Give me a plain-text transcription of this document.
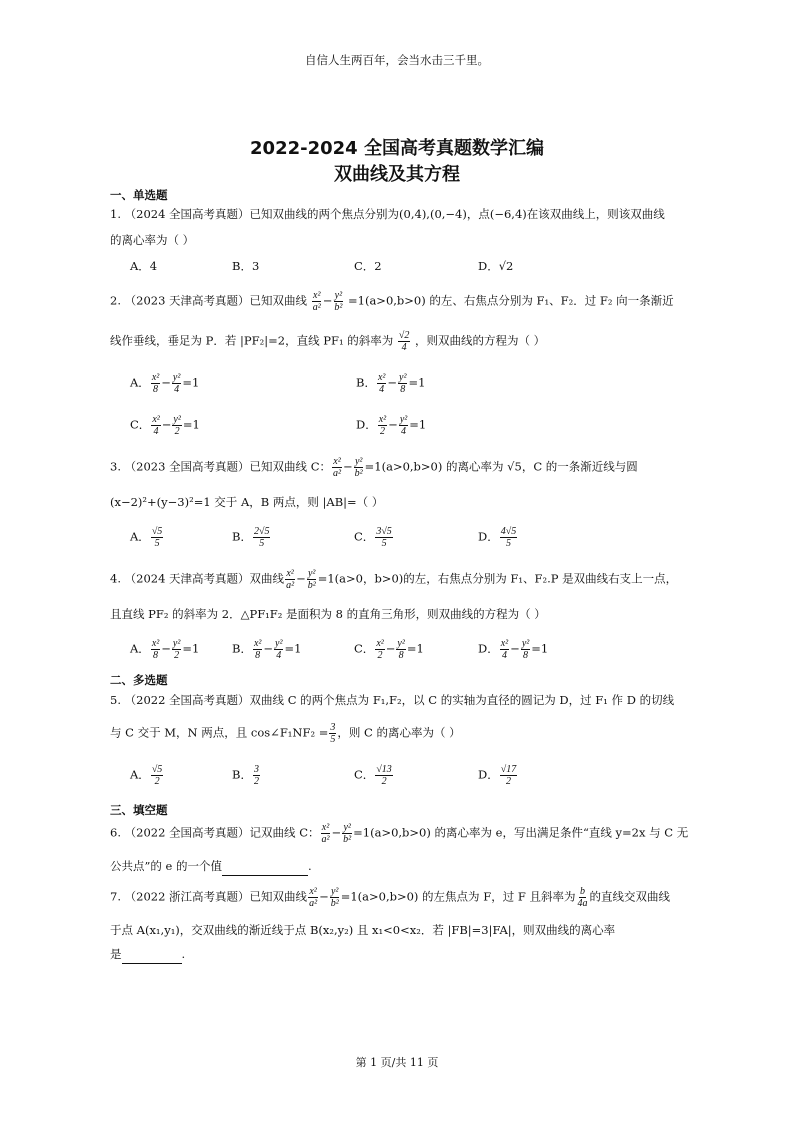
自信人生两百年，会当水击三千里。
2022-2024 全国高考真题数学汇编
双曲线及其方程
一、单选题
1. （2024 全国高考真题）已知双曲线的两个焦点分别为(0,4),(0,−4)，点(−6,4)在该双曲线上，则该双曲线
的离心率为（ ）
A．4	B．3	C．2	D．√2
2. （2023 天津高考真题）已知双曲线 $\frac{\text{x²}}{\text{a²}} - \frac{\text{y²}}{\text{b²}} =1(a>0,b>0)$ 的左、右焦点分别为 F₁、F₂．过 F₂ 向一条渐近
线作垂线，垂足为 P．若 |PF₂|=2，直线 PF₁ 的斜率为 $\frac{√2}{4}$ ，则双曲线的方程为（ ）
A． $\frac{\text{x²}}{8} - \frac{\text{y²}}{4} =1$	B． $\frac{\text{x²}}{4} - \frac{\text{y²}}{8} =1$
C． $\frac{\text{x²}}{4} - \frac{\text{y²}}{2} =1$	D． $\frac{\text{x²}}{2} - \frac{\text{y²}}{4} =1$
3. （2023 全国高考真题）已知双曲线 C： $\frac{\text{x²}}{\text{a²}} - \frac{\text{y²}}{\text{b²}} =1(a>0,b>0)$ 的离心率为 √5，C 的一条渐近线与圆
(x−2)²+(y−3)²=1 交于 A，B 两点，则 |AB|=（ ）
A． $\frac{√5}{5}$	B． $\frac{2√5}{5}$	C． $\frac{3√5}{5}$	D． $\frac{4√5}{5}$
4. （2024 天津高考真题）双曲线 $\frac{\text{x²}}{\text{a²}} - \frac{\text{y²}}{\text{b²}} =1(a>0$，b>0)的左，右焦点分别为 F₁、F₂.P 是双曲线右支上一点，
且直线 PF₂ 的斜率为 2．△PF₁F₂ 是面积为 8 的直角三角形，则双曲线的方程为（ ）
A． $\frac{\text{x²}}{8} - \frac{\text{y²}}{2} =1$	B． $\frac{\text{x²}}{8} - \frac{\text{y²}}{4} =1$	C． $\frac{\text{x²}}{2} - \frac{\text{y²}}{8} =1$	D． $\frac{\text{x²}}{4} - \frac{\text{y²}}{8} =1$
二、多选题
5. （2022 全国高考真题）双曲线 C 的两个焦点为 F₁,F₂，以 C 的实轴为直径的圆记为 D，过 F₁ 作 D 的切线
与 C 交于 M，N 两点，且 cos∠F₁NF₂ = $\frac{3}{5}$ ，则 C 的离心率为（ ）
A． $\frac{√5}{2}$	B． $\frac{3}{2}$	C． $\frac{√13}{2}$	D． $\frac{√17}{2}$
三、填空题
6. （2022 全国高考真题）记双曲线 C： $\frac{\text{x²}}{\text{a²}} - \frac{\text{y²}}{\text{b²}} =1(a>0,b>0)$ 的离心率为 e，写出满足条件“直线 y=2x 与 C 无
公共点”的 e 的一个值	.
7. （2022 浙江高考真题）已知双曲线 $\frac{\text{x²}}{\text{a²}} - \frac{\text{y²}}{\text{b²}} =1(a>0,b>0)$ 的左焦点为 F，过 F 且斜率为 $\frac{b}{4a}$ 的直线交双曲线
于点 A(x₁,y₁)，交双曲线的渐近线于点 B(x₂,y₂) 且 x₁<0<x₂．若 |FB|=3|FA|，则双曲线的离心率
是	.
第 1 页/共 11 页
